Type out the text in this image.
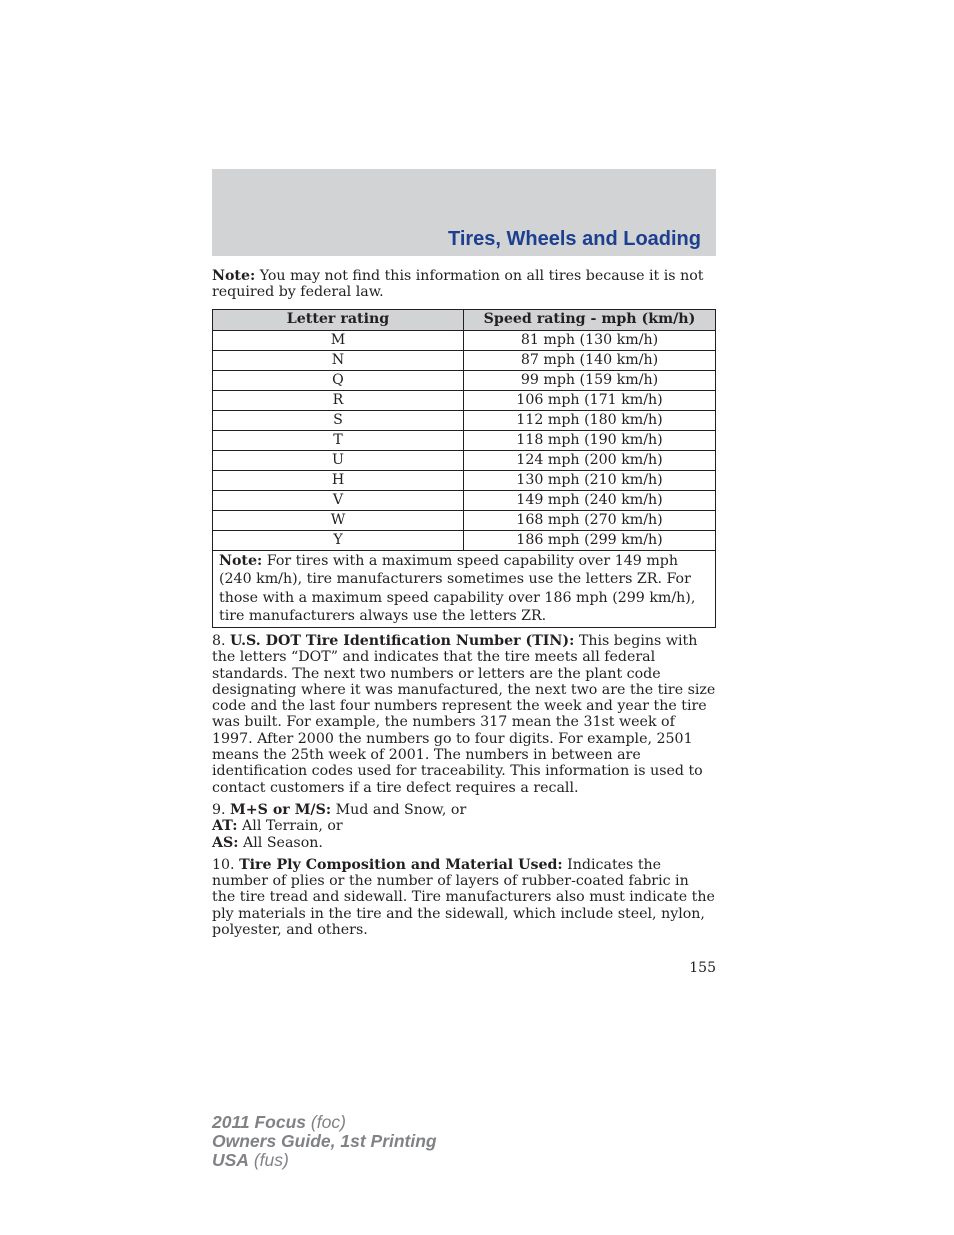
Tires, Wheels and Loading

Note: You may not find this information on all tires because it is not required by federal law.

Letter rating	Speed rating - mph (km/h)
M	81 mph (130 km/h)
N	87 mph (140 km/h)
Q	99 mph (159 km/h)
R	106 mph (171 km/h)
S	112 mph (180 km/h)
T	118 mph (190 km/h)
U	124 mph (200 km/h)
H	130 mph (210 km/h)
V	149 mph (240 km/h)
W	168 mph (270 km/h)
Y	186 mph (299 km/h)
Note: For tires with a maximum speed capability over 149 mph (240 km/h), tire manufacturers sometimes use the letters ZR. For those with a maximum speed capability over 186 mph (299 km/h), tire manufacturers always use the letters ZR.	

8. U.S. DOT Tire Identification Number (TIN): This begins with the letters “DOT” and indicates that the tire meets all federal standards. The next two numbers or letters are the plant code designating where it was manufactured, the next two are the tire size code and the last four numbers represent the week and year the tire was built. For example, the numbers 317 mean the 31st week of 1997. After 2000 the numbers go to four digits. For example, 2501 means the 25th week of 2001. The numbers in between are identification codes used for traceability. This information is used to contact customers if a tire defect requires a recall.

9. M+S or M/S: Mud and Snow, or
AT: All Terrain, or
AS: All Season.

10. Tire Ply Composition and Material Used: Indicates the number of plies or the number of layers of rubber-coated fabric in the tire tread and sidewall. Tire manufacturers also must indicate the ply materials in the tire and the sidewall, which include steel, nylon, polyester, and others.

155
2011 Focus (foc)
Owners Guide, 1st Printing
USA (fus)
